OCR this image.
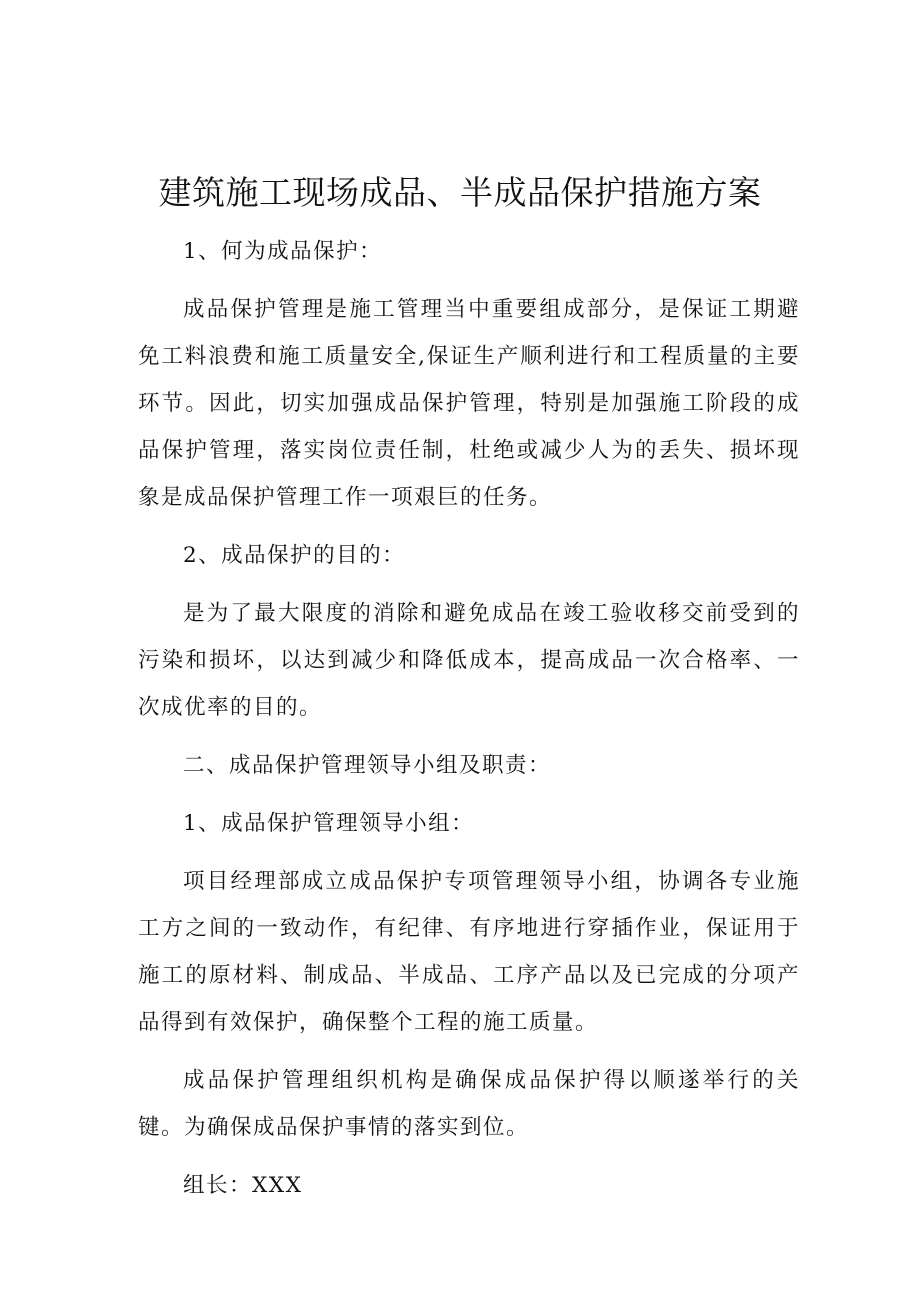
建筑施工现场成品、半成品保护措施方案

1、何为成品保护：

成品保护管理是施工管理当中重要组成部分，是保证工期避免工料浪费和施工质量安全,保证生产顺利进行和工程质量的主要环节。因此，切实加强成品保护管理，特别是加强施工阶段的成品保护管理，落实岗位责任制，杜绝或减少人为的丢失、损坏现象是成品保护管理工作一项艰巨的任务。

2、成品保护的目的：

是为了最大限度的消除和避免成品在竣工验收移交前受到的污染和损坏，以达到减少和降低成本，提高成品一次合格率、一次成优率的目的。

二、成品保护管理领导小组及职责：

1、成品保护管理领导小组：

项目经理部成立成品保护专项管理领导小组，协调各专业施工方之间的一致动作，有纪律、有序地进行穿插作业，保证用于施工的原材料、制成品、半成品、工序产品以及已完成的分项产品得到有效保护，确保整个工程的施工质量。

成品保护管理组织机构是确保成品保护得以顺遂举行的关键。为确保成品保护事情的落实到位。

组长：XXX
